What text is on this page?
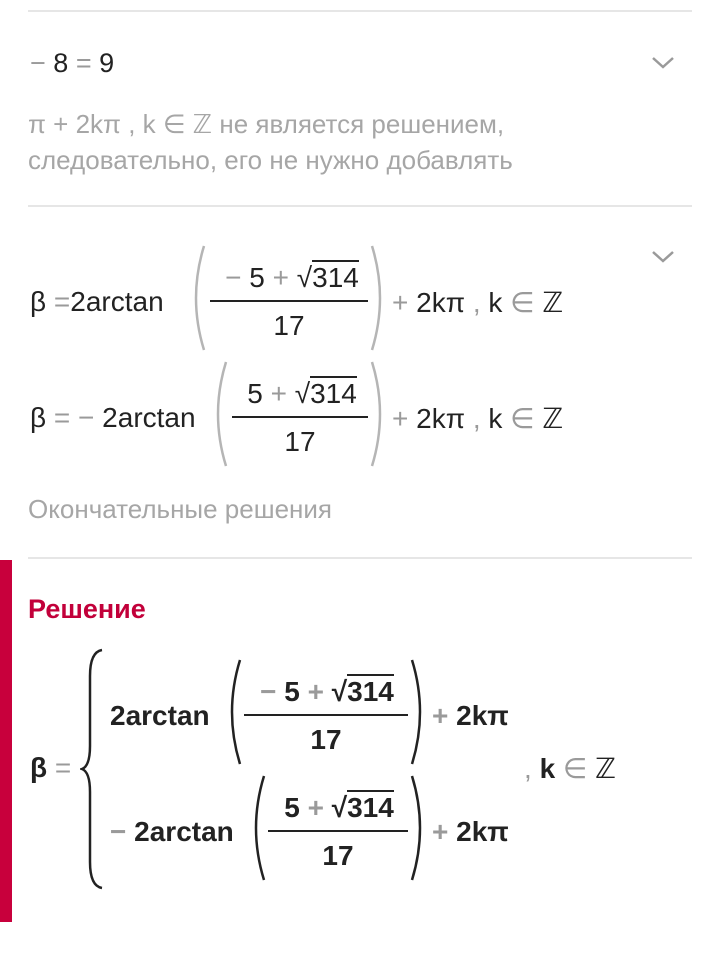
− 8 = 9
π + 2kπ , k ∈ ℤ не является решением,
следовательно, его не нужно добавлять
β =2arctan
− 5 + √314
17
+ 2kπ , k ∈ ℤ
β = − 2arctan
5 + √314
17
+ 2kπ , k ∈ ℤ
Окончательные решения
Решение
β =
2arctan
− 5 + √314
17
+ 2kπ
− 2arctan
5 + √314
17
+ 2kπ
, k ∈ ℤ
